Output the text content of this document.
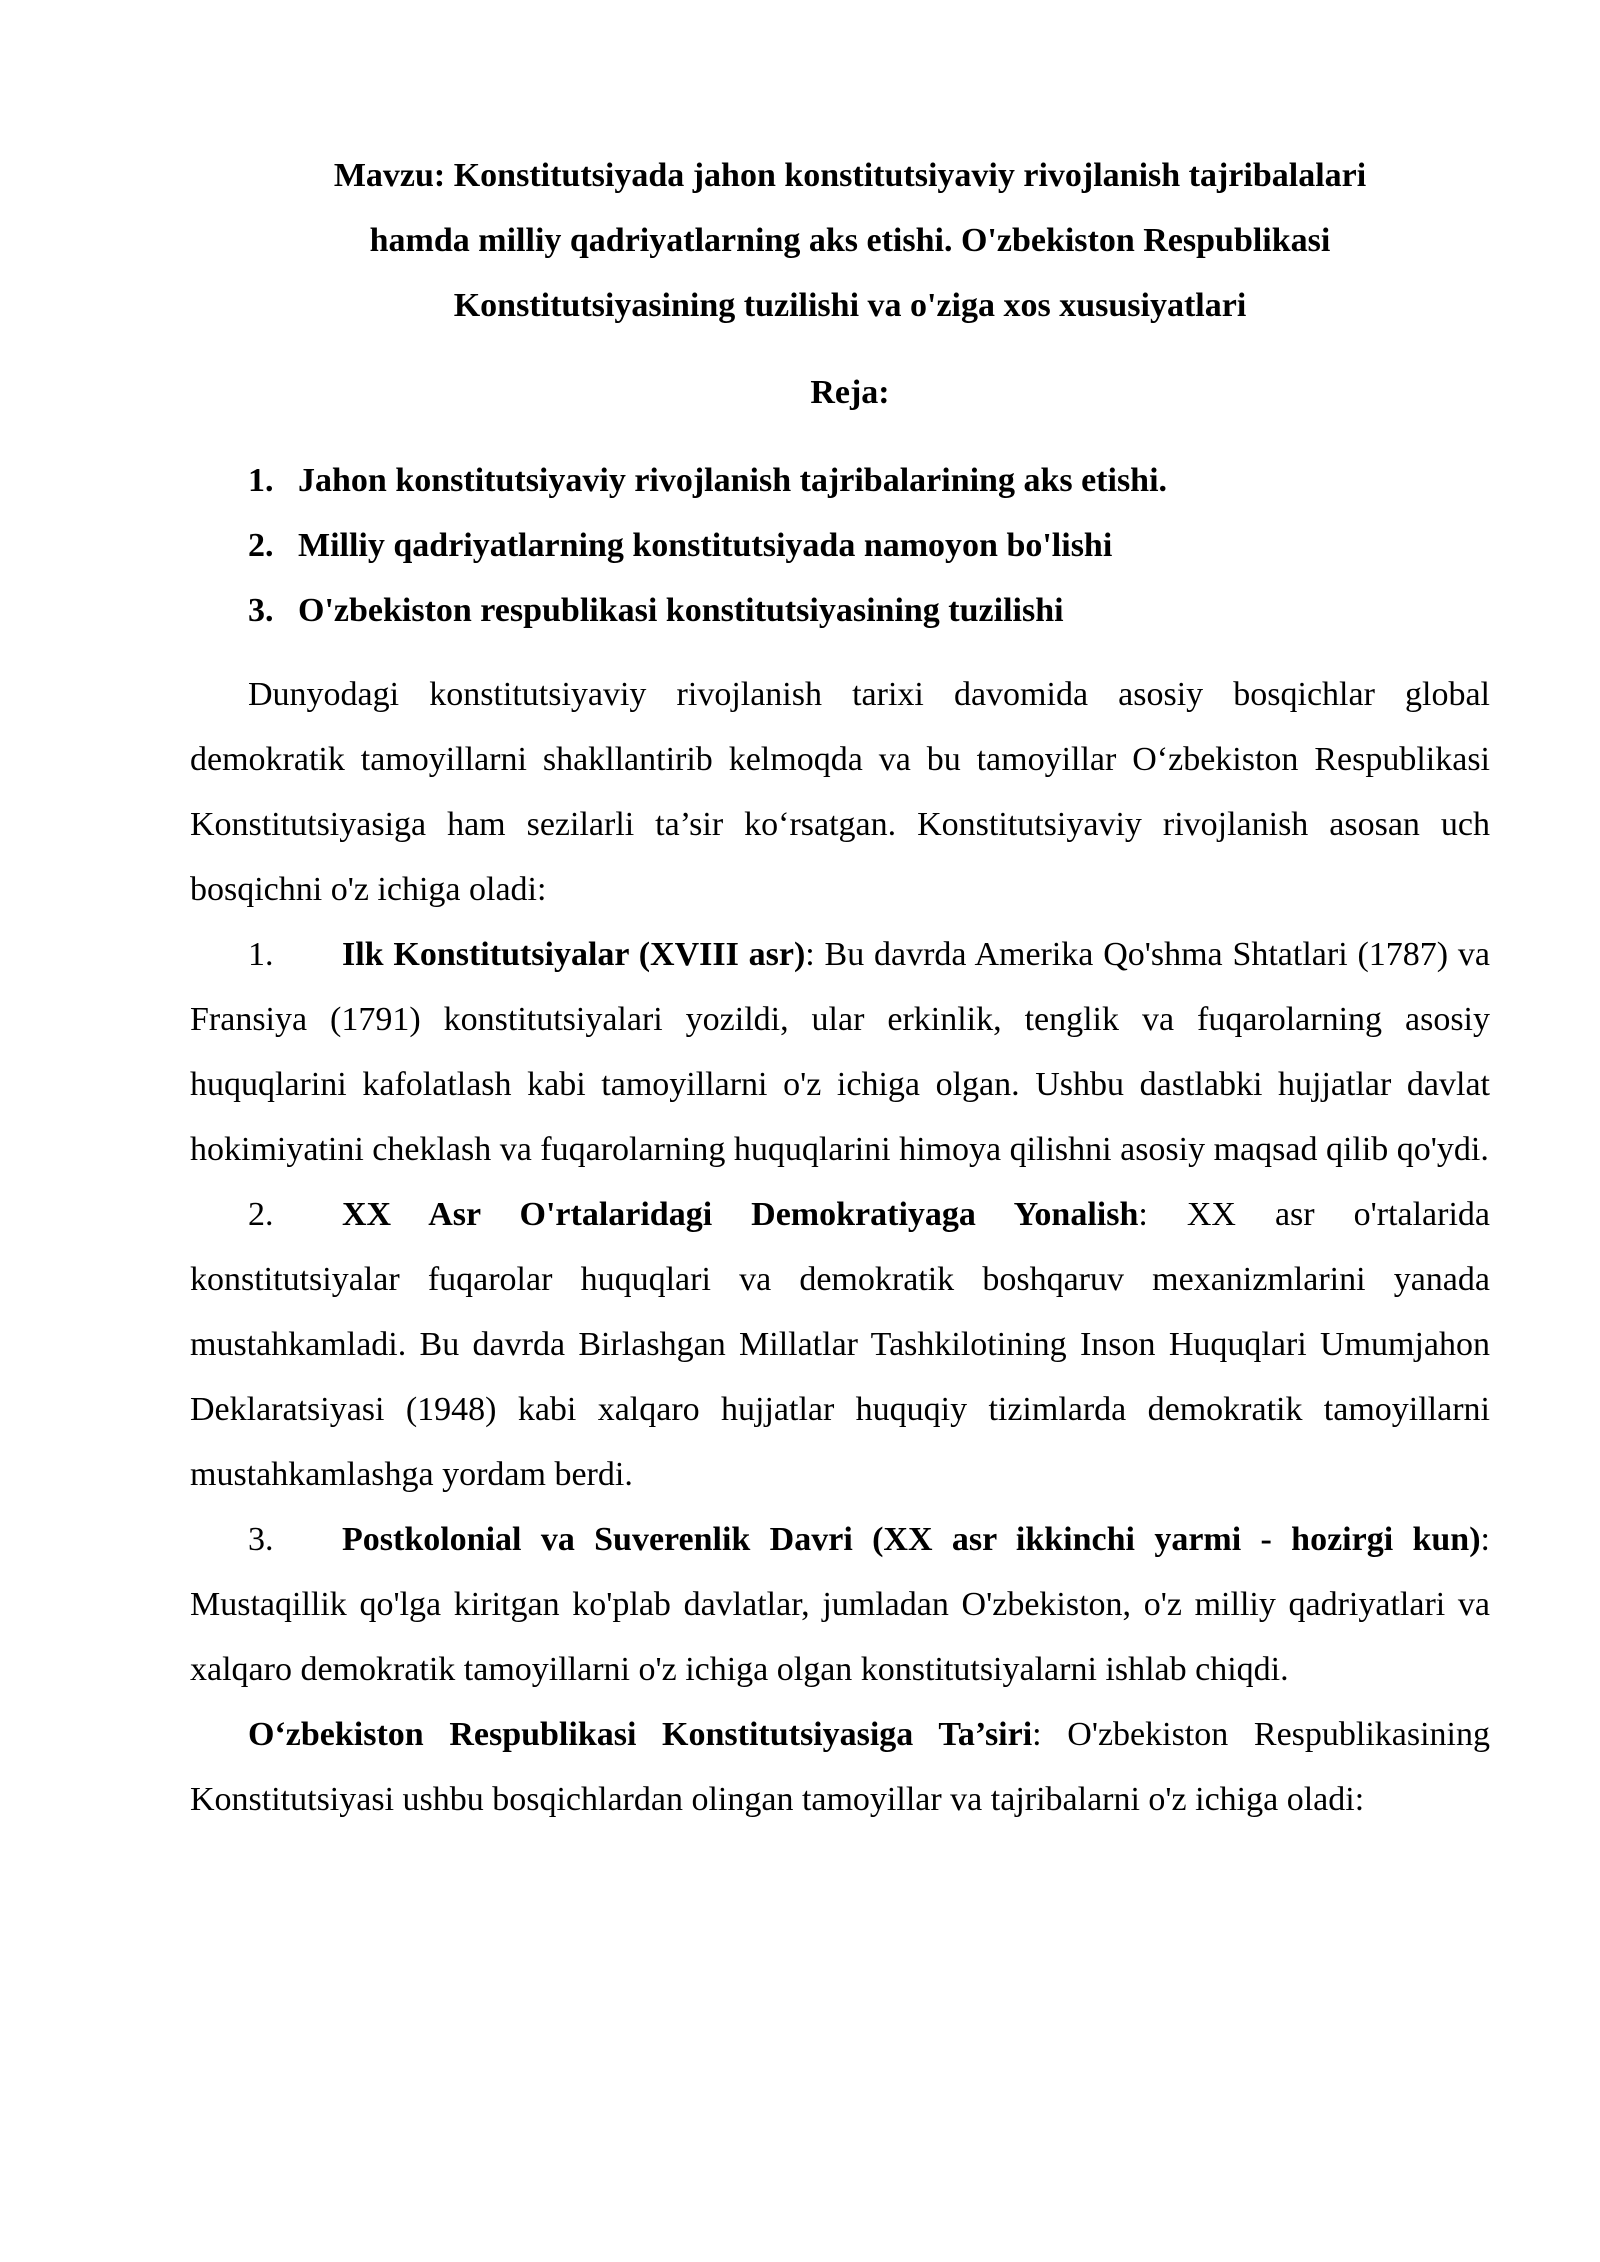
Mavzu: Konstitutsiyada jahon konstitutsiyaviy rivojlanish tajribalalari
hamda milliy qadriyatlarning aks etishi. O'zbekiston Respublikasi
Konstitutsiyasining tuzilishi va o'ziga xos xususiyatlari
Reja:
1. Jahon konstitutsiyaviy rivojlanish tajribalarining aks etishi.
2. Milliy qadriyatlarning konstitutsiyada namoyon bo'lishi
3. O'zbekiston respublikasi konstitutsiyasining tuzilishi

Dunyodagi konstitutsiyaviy rivojlanish tarixi davomida asosiy bosqichlar global demokratik tamoyillarni shakllantirib kelmoqda va bu tamoyillar O‘zbekiston Respublikasi Konstitutsiyasiga ham sezilarli ta’sir ko‘rsatgan. Konstitutsiyaviy rivojlanish asosan uch bosqichni o'z ichiga oladi:

1. Ilk Konstitutsiyalar (XVIII asr): Bu davrda Amerika Qo'shma Shtatlari (1787) va Fransiya (1791) konstitutsiyalari yozildi, ular erkinlik, tenglik va fuqarolarning asosiy huquqlarini kafolatlash kabi tamoyillarni o'z ichiga olgan. Ushbu dastlabki hujjatlar davlat hokimiyatini cheklash va fuqarolarning huquqlarini himoya qilishni asosiy maqsad qilib qo'ydi.

2. XX Asr O'rtalaridagi Demokratiyaga Yonalish: XX asr o'rtalarida konstitutsiyalar fuqarolar huquqlari va demokratik boshqaruv mexanizmlarini yanada mustahkamladi. Bu davrda Birlashgan Millatlar Tashkilotining Inson Huquqlari Umumjahon Deklaratsiyasi (1948) kabi xalqaro hujjatlar huquqiy tizimlarda demokratik tamoyillarni mustahkamlashga yordam berdi.

3. Postkolonial va Suverenlik Davri (XX asr ikkinchi yarmi - hozirgi kun): Mustaqillik qo'lga kiritgan ko'plab davlatlar, jumladan O'zbekiston, o'z milliy qadriyatlari va xalqaro demokratik tamoyillarni o'z ichiga olgan konstitutsiyalarni ishlab chiqdi.

O‘zbekiston Respublikasi Konstitutsiyasiga Ta’siri: O'zbekiston Respublikasining Konstitutsiyasi ushbu bosqichlardan olingan tamoyillar va tajribalarni o'z ichiga oladi:
